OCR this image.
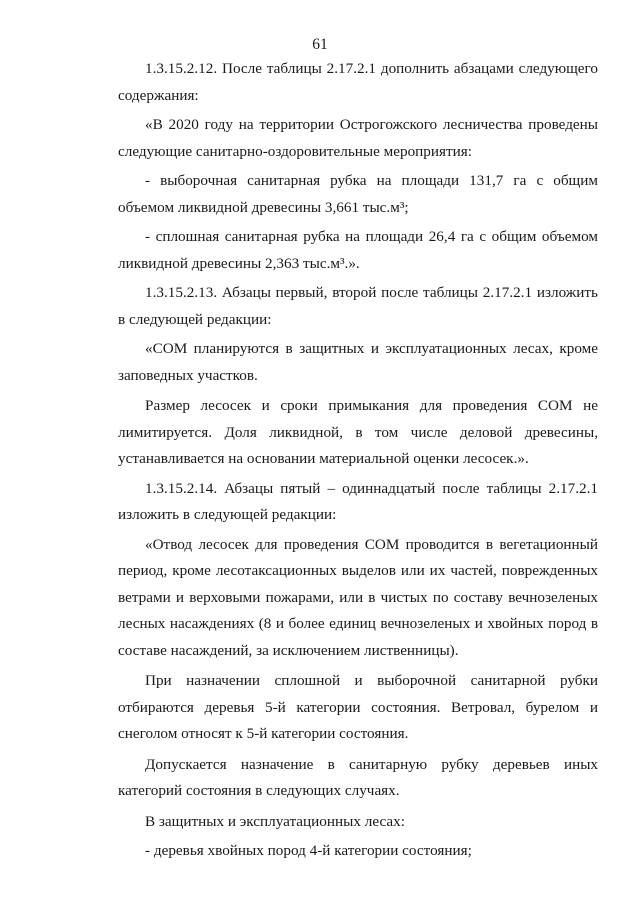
61

1.3.15.2.12. После таблицы 2.17.2.1 дополнить абзацами следующего содержания:

«В 2020 году на территории Острогожского лесничества проведены следующие санитарно-оздоровительные мероприятия:

- выборочная санитарная рубка на площади 131,7 га с общим объемом ликвидной древесины 3,661 тыс.м³;

- сплошная санитарная рубка на площади 26,4 га с общим объемом ликвидной древесины 2,363 тыс.м³.».

1.3.15.2.13. Абзацы первый, второй после таблицы 2.17.2.1 изложить в следующей редакции:

«СОМ планируются в защитных и эксплуатационных лесах, кроме заповедных участков.

Размер лесосек и сроки примыкания для проведения СОМ не лимитируется. Доля ликвидной, в том числе деловой древесины, устанавливается на основании материальной оценки лесосек.».

1.3.15.2.14. Абзацы пятый – одиннадцатый после таблицы 2.17.2.1 изложить в следующей редакции:

«Отвод лесосек для проведения СОМ проводится в вегетационный период, кроме лесотаксационных выделов или их частей, поврежденных ветрами и верховыми пожарами, или в чистых по составу вечнозеленых лесных насаждениях (8 и более единиц вечнозеленых и хвойных пород в составе насаждений, за исключением лиственницы).

При назначении сплошной и выборочной санитарной рубки отбираются деревья 5-й категории состояния. Ветровал, бурелом и снеголом относят к 5-й категории состояния.

Допускается назначение в санитарную рубку деревьев иных категорий состояния в следующих случаях.

В защитных и эксплуатационных лесах:

- деревья хвойных пород 4-й категории состояния;
